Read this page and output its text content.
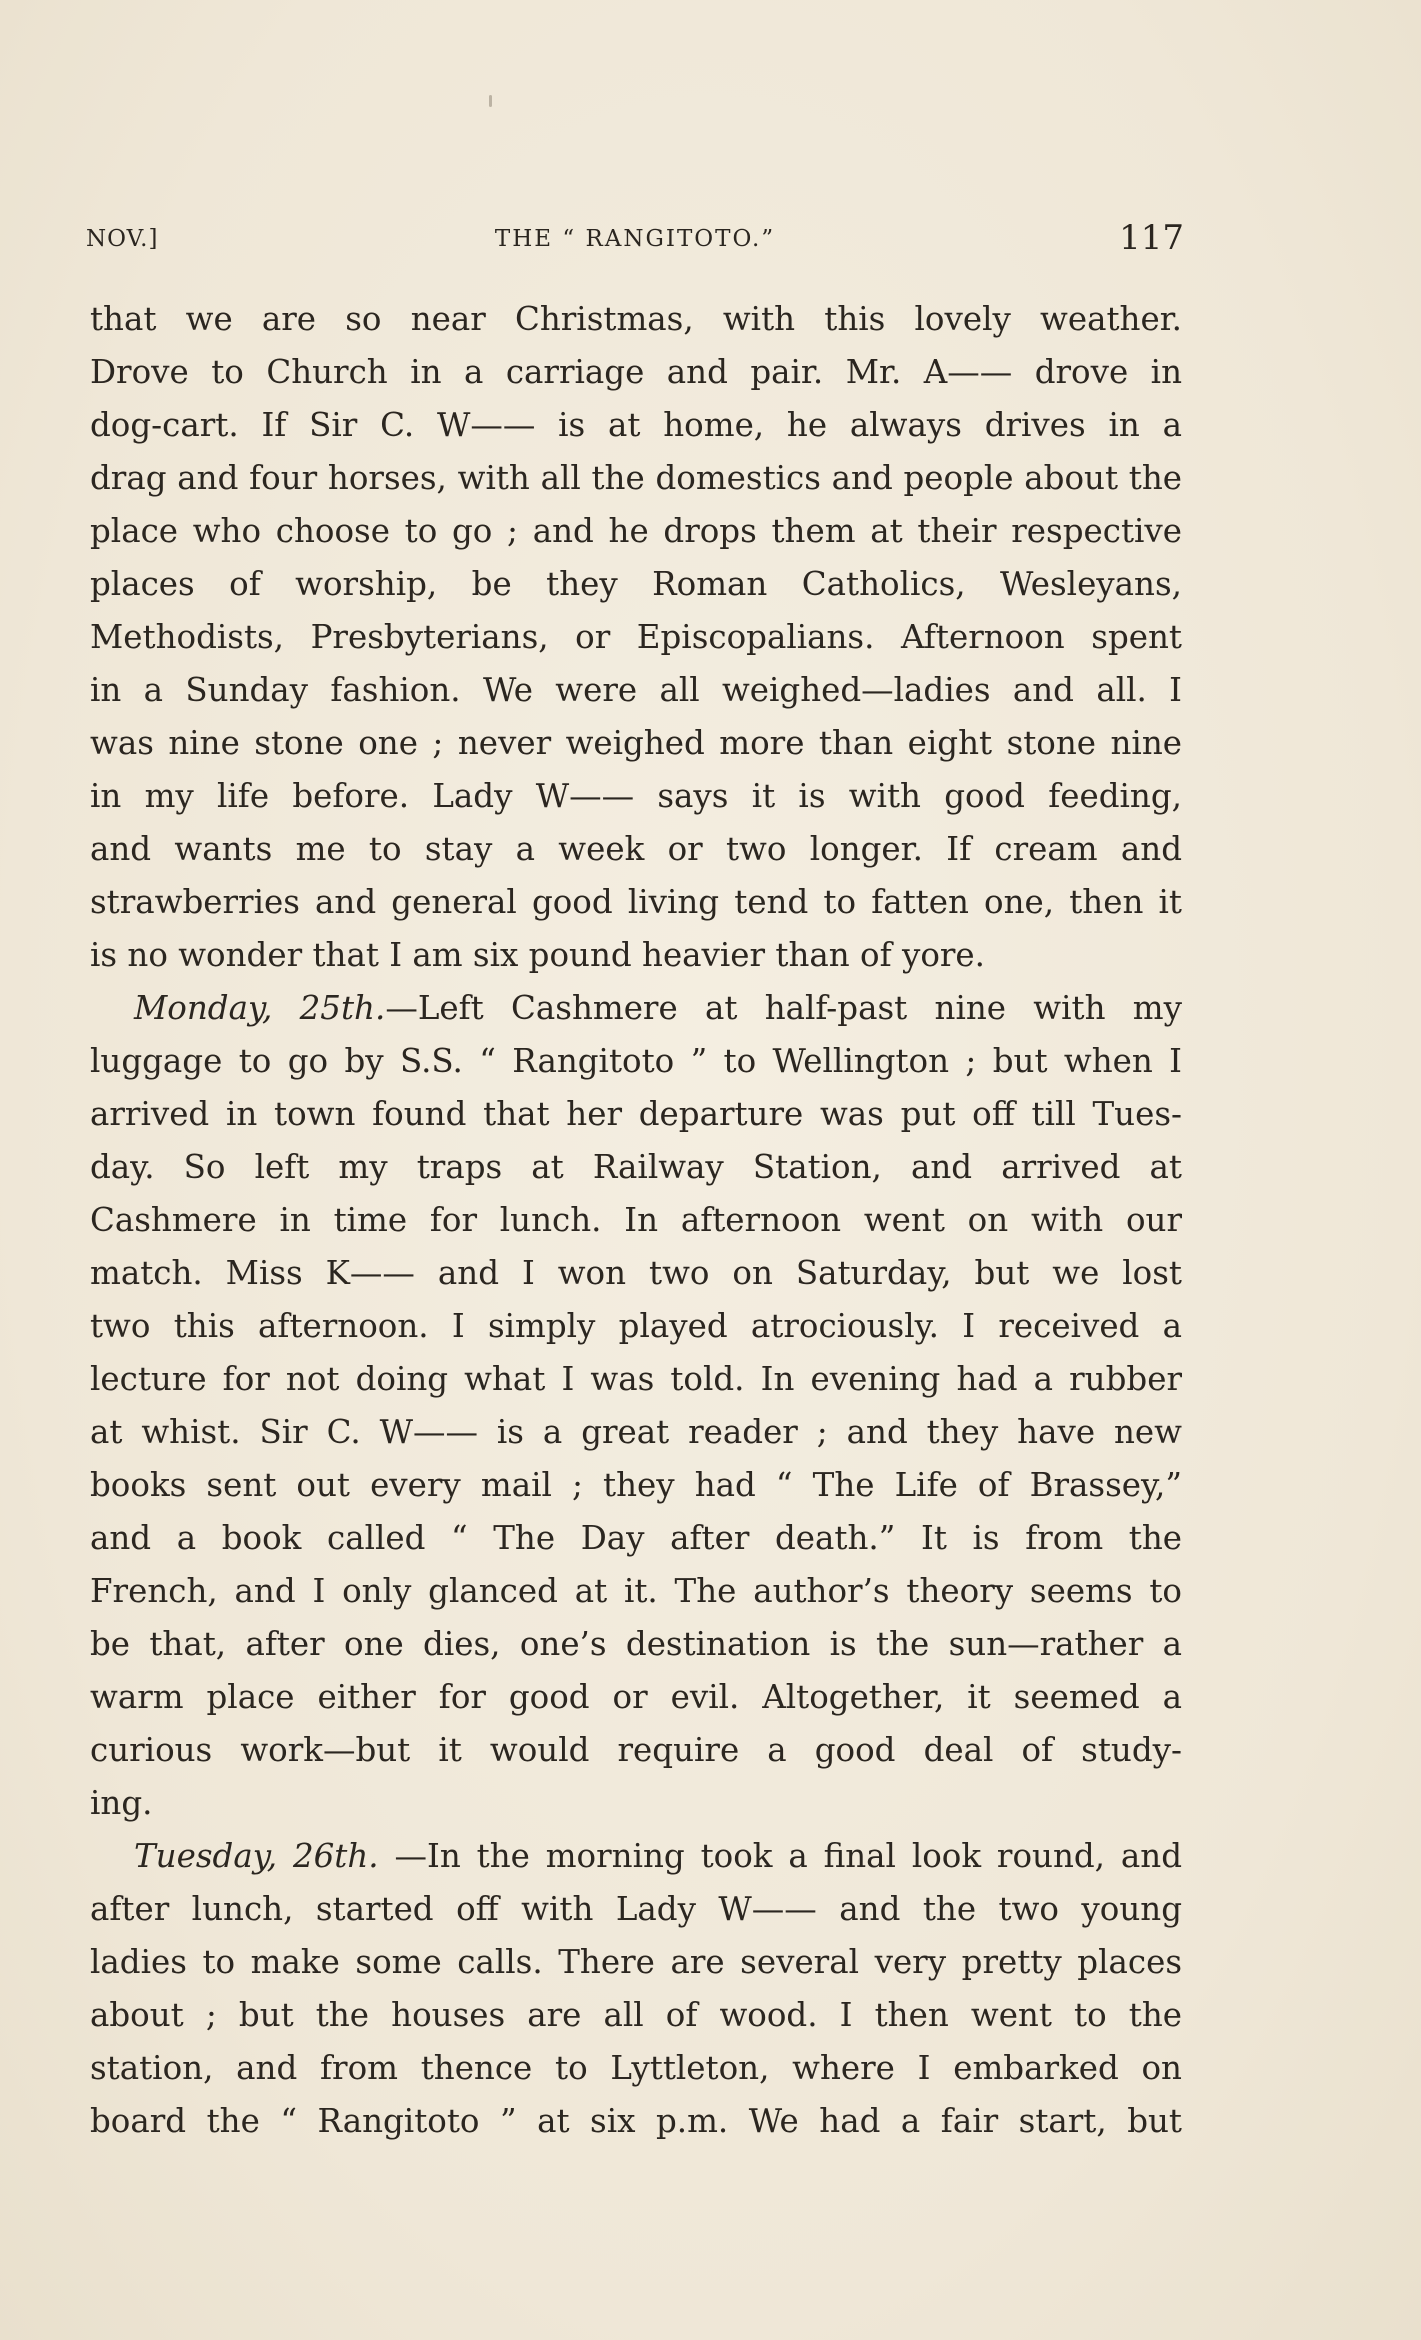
NOV.]	THE “ RANGITOTO.”	117
that we are so near Christmas, with this lovely weather.
Drove to Church in a carriage and pair. Mr. A—— drove in
dog-cart. If Sir C. W—— is at home, he always drives in a
drag and four horses, with all the domestics and people about the
place who choose to go ; and he drops them at their respective
places of worship, be they Roman Catholics, Wesleyans,
Methodists, Presbyterians, or Episcopalians. Afternoon spent
in a Sunday fashion. We were all weighed—ladies and all. I
was nine stone one ; never weighed more than eight stone nine
in my life before. Lady W—— says it is with good feeding,
and wants me to stay a week or two longer. If cream and
strawberries and general good living tend to fatten one, then it
is no wonder that I am six pound heavier than of yore.
Monday, 25th.—Left Cashmere at half-past nine with my
luggage to go by S.S. “ Rangitoto ” to Wellington ; but when I
arrived in town found that her departure was put off till Tues-
day. So left my traps at Railway Station, and arrived at
Cashmere in time for lunch. In afternoon went on with our
match. Miss K—— and I won two on Saturday, but we lost
two this afternoon. I simply played atrociously. I received a
lecture for not doing what I was told. In evening had a rubber
at whist. Sir C. W—— is a great reader ; and they have new
books sent out every mail ; they had “ The Life of Brassey,”
and a book called “ The Day after death.” It is from the
French, and I only glanced at it. The author’s theory seems to
be that, after one dies, one’s destination is the sun—rather a
warm place either for good or evil. Altogether, it seemed a
curious work—but it would require a good deal of study-
ing.
Tuesday, 26th. —In the morning took a final look round, and
after lunch, started off with Lady W—— and the two young
ladies to make some calls. There are several very pretty places
about ; but the houses are all of wood. I then went to the
station, and from thence to Lyttleton, where I embarked on
board the “ Rangitoto ” at six p.m. We had a fair start, but
